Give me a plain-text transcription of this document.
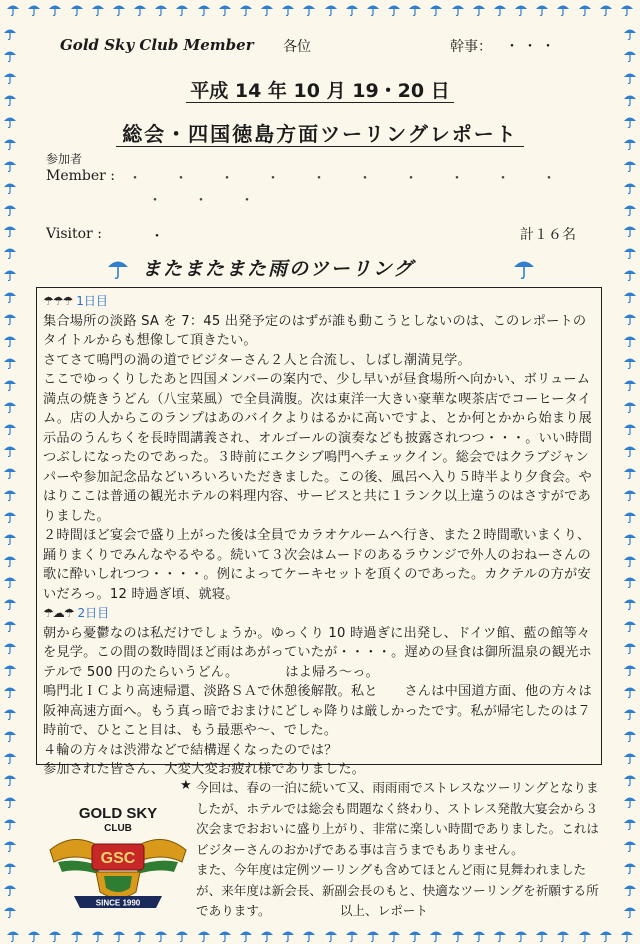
Gold Sky Club Member 各位	幹事： ・・・
平成 14 年 10 月 19・20 日
総会・四国徳島方面ツーリングレポート
参加者
Member : ・・・・・・・・・・
・・・
Visitor :	・	計１６名
またまたまた雨のツーリング

☂☂☂ 1日目

集合場所の淡路 SA を 7：45 出発予定のはずが誰も動こうとしないのは、このレポートのタイトルからも想像して頂きたい。

さてさて鳴門の渦の道でビジターさん２人と合流し、しばし潮満見学。

ここでゆっくりしたあと四国メンバーの案内で、少し早いが昼食場所へ向かい、ボリューム満点の焼きうどん（八宝菜風）で全員満腹。次は東洋一大きい豪華な喫茶店でコーヒータイム。店の人からこのランプはあのバイクよりはるかに高いですよ、とか何とかから始まり展示品のうんちくを長時間講義され、オルゴールの演奏なども披露されつつ・・・。いい時間つぶしになったのであった。３時前にエクシブ鳴門へチェックイン。総会ではクラブジャンパーや参加記念品などいろいろいただきました。この後、風呂へ入り５時半より夕食会。やはりここは普通の観光ホテルの料理内容、サービスと共に１ランク以上違うのはさすがでありました。

２時間ほど宴会で盛り上がった後は全員でカラオケルームへ行き、また２時間歌いまくり、踊りまくりでみんなやるやる。続いて３次会はムードのあるラウンジで外人のおねーさんの歌に酔いしれつつ・・・・。例によってケーキセットを頂くのであった。カクテルの方が安いだろっ。12 時過ぎ頃、就寝。

☂☁☂ 2日目

朝から憂鬱なのは私だけでしょうか。ゆっくり 10 時過ぎに出発し、ドイツ館、藍の館等々を見学。この間の数時間ほど雨はあがっていたが・・・・。遅めの昼食は御所温泉の観光ホテルで 500 円のたらいうどん。　　　　はよ帰ろ～っ。

鳴門北ＩＣより高速帰還、淡路ＳＡで休憩後解散。私と　　さんは中国道方面、他の方々は阪神高速方面へ。もう真っ暗でおまけにどしゃ降りは厳しかったです。私が帰宅したのは７時前で、ひとこと目は、もう最悪や～、でした。

４輪の方々は渋滞などで結構遅くなったのでは？

参加された皆さん、大変大変お疲れ様でありました。

★ 今回は、春の一泊に続いて又、雨雨雨でストレスなツーリングとなりましたが、ホテルでは総会も問題なく終わり、ストレス発散大宴会から３次会までおおいに盛り上がり、非常に楽しい時間でありました。これはビジターさんのおかげである事は言うまでもありません。

また、今年度は定例ツーリングも含めてほとんど雨に見舞われましたが、来年度は新会長、新副会長のもと、快適なツーリングを祈願する所であります。　　　　　　以上、レポート

GOLD SKY
CLUB
GSC
SINCE 1990
